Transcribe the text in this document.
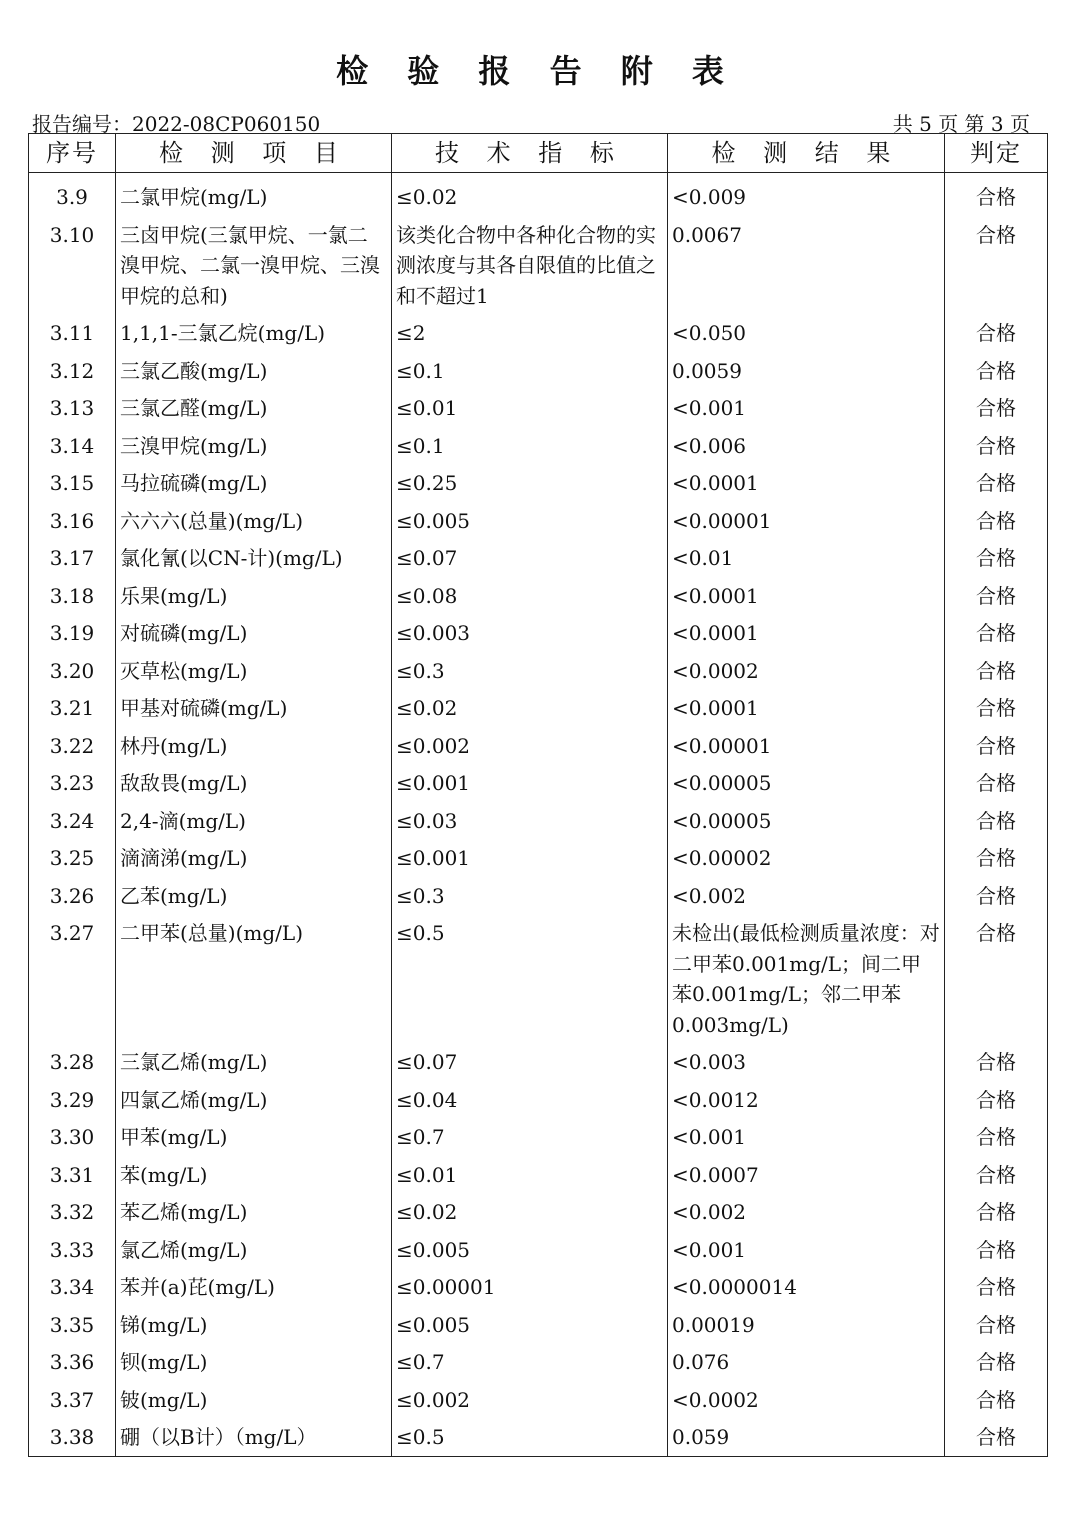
检 验 报 告 附 表
报告编号：2022-08CP060150	共 5 页 第 3 页
序号	检 测 项 目	技 术 指 标	检 测 结 果	判定

3.9	二氯甲烷(mg/L)	≤0.02	<0.009	合格
3.10	三卤甲烷(三氯甲烷、一氯二溴甲烷、二氯一溴甲烷、三溴甲烷的总和)	该类化合物中各种化合物的实测浓度与其各自限值的比值之和不超过1	0.0067	合格
3.11	1,1,1-三氯乙烷(mg/L)	≤2	<0.050	合格
3.12	三氯乙酸(mg/L)	≤0.1	0.0059	合格
3.13	三氯乙醛(mg/L)	≤0.01	<0.001	合格
3.14	三溴甲烷(mg/L)	≤0.1	<0.006	合格
3.15	马拉硫磷(mg/L)	≤0.25	<0.0001	合格
3.16	六六六(总量)(mg/L)	≤0.005	<0.00001	合格
3.17	氯化氰(以CN-计)(mg/L)	≤0.07	<0.01	合格
3.18	乐果(mg/L)	≤0.08	<0.0001	合格
3.19	对硫磷(mg/L)	≤0.003	<0.0001	合格
3.20	灭草松(mg/L)	≤0.3	<0.0002	合格
3.21	甲基对硫磷(mg/L)	≤0.02	<0.0001	合格
3.22	林丹(mg/L)	≤0.002	<0.00001	合格
3.23	敌敌畏(mg/L)	≤0.001	<0.00005	合格
3.24	2,4-滴(mg/L)	≤0.03	<0.00005	合格
3.25	滴滴涕(mg/L)	≤0.001	<0.00002	合格
3.26	乙苯(mg/L)	≤0.3	<0.002	合格
3.27	二甲苯(总量)(mg/L)	≤0.5	未检出(最低检测质量浓度：对二甲苯0.001mg/L；间二甲苯0.001mg/L；邻二甲苯0.003mg/L)	合格
3.28	三氯乙烯(mg/L)	≤0.07	<0.003	合格
3.29	四氯乙烯(mg/L)	≤0.04	<0.0012	合格
3.30	甲苯(mg/L)	≤0.7	<0.001	合格
3.31	苯(mg/L)	≤0.01	<0.0007	合格
3.32	苯乙烯(mg/L)	≤0.02	<0.002	合格
3.33	氯乙烯(mg/L)	≤0.005	<0.001	合格
3.34	苯并(a)芘(mg/L)	≤0.00001	<0.0000014	合格
3.35	锑(mg/L)	≤0.005	0.00019	合格
3.36	钡(mg/L)	≤0.7	0.076	合格
3.37	铍(mg/L)	≤0.002	<0.0002	合格
3.38	硼（以B计）（mg/L）	≤0.5	0.059	合格
